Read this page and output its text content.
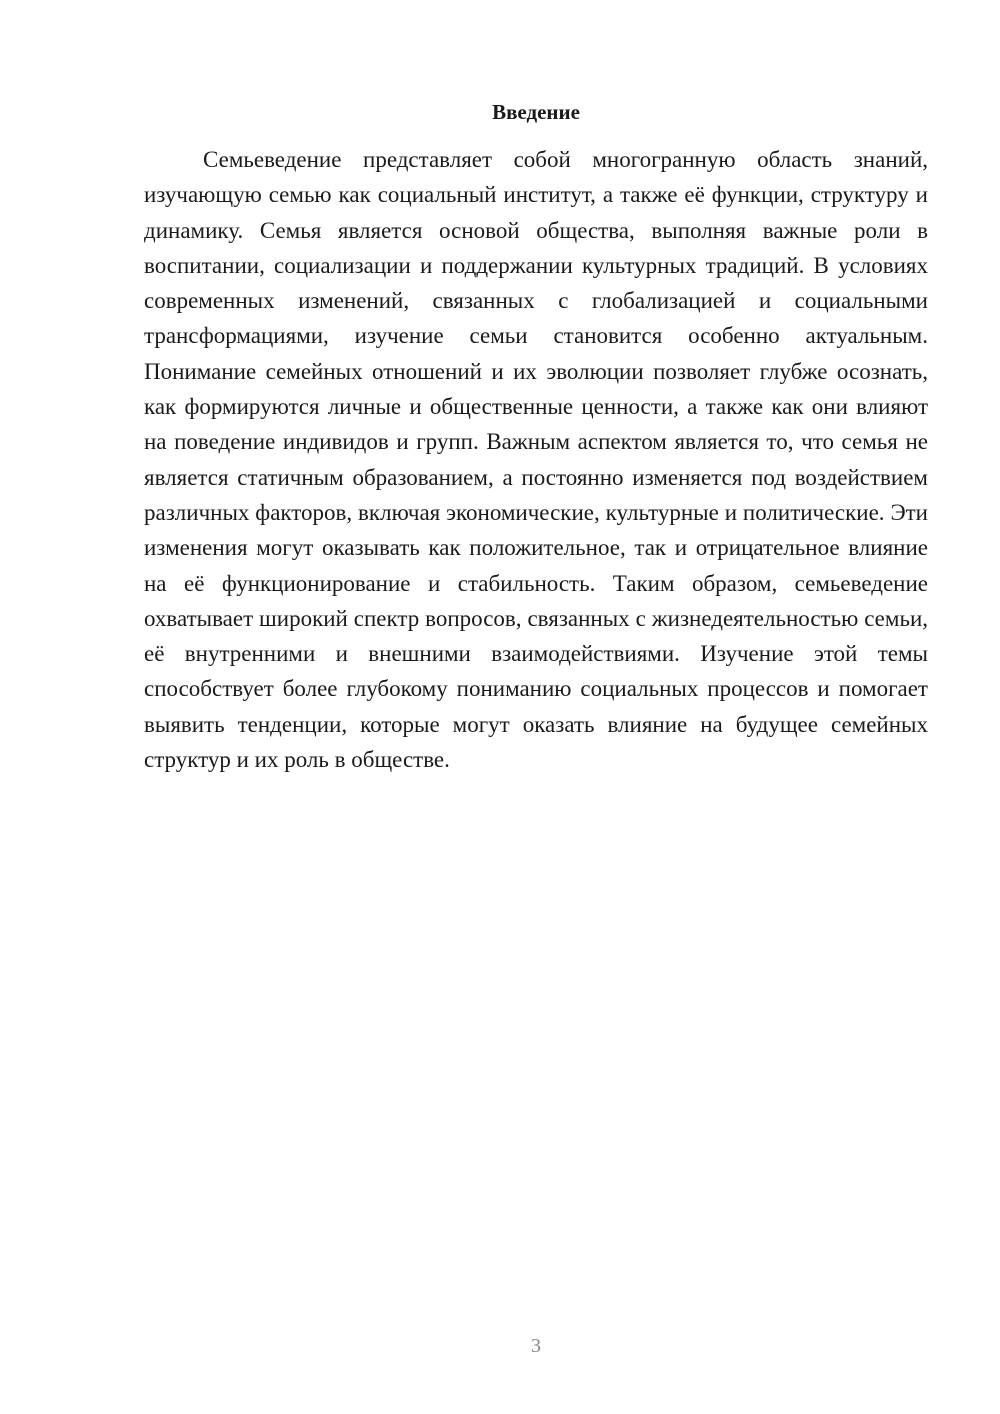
Введение

Семьеведение представляет собой многогранную область знаний, изучающую семью как социальный институт, а также её функции, структуру и динамику. Семья является основой общества, выполняя важные роли в воспитании, социализации и поддержании культурных традиций. В условиях современных изменений, связанных с глобализацией и социальными трансформациями, изучение семьи становится особенно актуальным. Понимание семейных отношений и их эволюции позволяет глубже осознать, как формируются личные и общественные ценности, а также как они влияют на поведение индивидов и групп. Важным аспектом является то, что семья не является статичным образованием, а постоянно изменяется под воздействием различных факторов, включая экономические, культурные и политические. Эти изменения могут оказывать как положительное, так и отрицательное влияние на её функционирование и стабильность. Таким образом, семьеведение охватывает широкий спектр вопросов, связанных с жизнедеятельностью семьи, её внутренними и внешними взаимодействиями. Изучение этой темы способствует более глубокому пониманию социальных процессов и помогает выявить тенденции, которые могут оказать влияние на будущее семейных структур и их роль в обществе.

3
